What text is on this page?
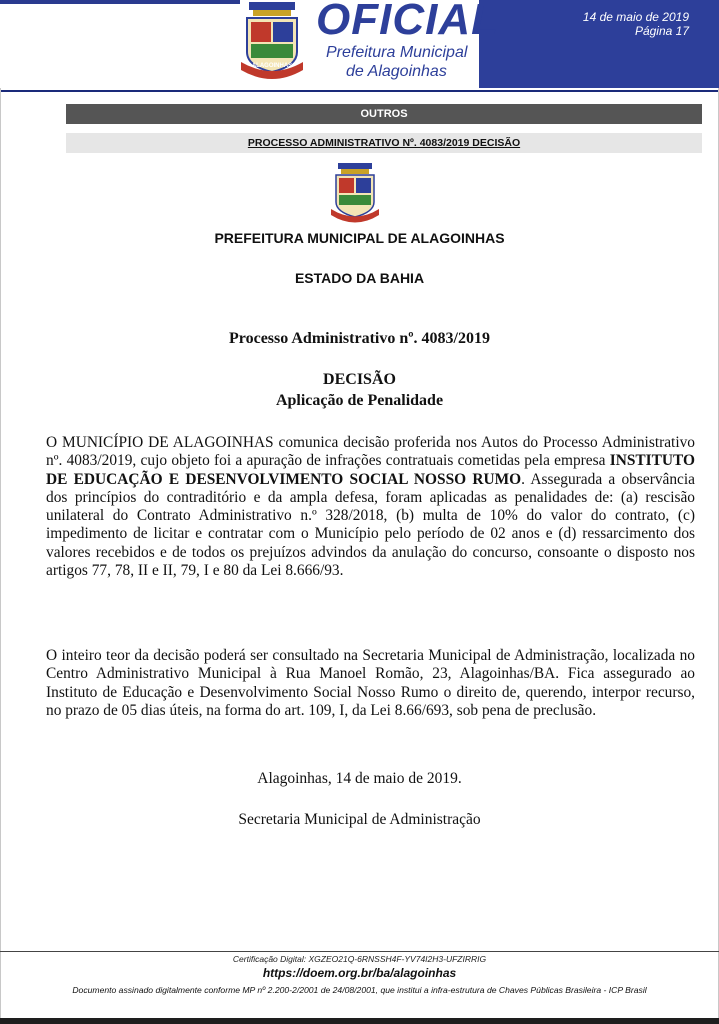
ALAGOINHAS
OFICIAL
Prefeitura Municipal
de Alagoinhas
14 de maio de 2019
Página 17
OUTROS
PROCESSO ADMINISTRATIVO Nº. 4083/2019 DECISÃO
PREFEITURA MUNICIPAL DE ALAGOINHAS
ESTADO DA BAHIA
Processo Administrativo nº. 4083/2019
DECISÃO
Aplicação de Penalidade
O MUNICÍPIO DE ALAGOINHAS comunica decisão proferida nos Autos do Processo Administrativo nº. 4083/2019, cujo objeto foi a apuração de infrações contratuais cometidas pela empresa INSTITUTO DE EDUCAÇÃO E DESENVOLVIMENTO SOCIAL NOSSO RUMO. Assegurada a observância dos princípios do contraditório e da ampla defesa, foram aplicadas as penalidades de: (a) rescisão unilateral do Contrato Administrativo n.º 328/2018, (b) multa de 10% do valor do contrato, (c) impedimento de licitar e contratar com o Município pelo período de 02 anos e (d) ressarcimento dos valores recebidos e de todos os prejuízos advindos da anulação do concurso, consoante o disposto nos artigos 77, 78, II e II, 79, I e 80 da Lei 8.666/93.
O inteiro teor da decisão poderá ser consultado na Secretaria Municipal de Administração, localizada no Centro Administrativo Municipal à Rua Manoel Romão, 23, Alagoinhas/BA. Fica assegurado ao Instituto de Educação e Desenvolvimento Social Nosso Rumo o direito de, querendo, interpor recurso, no prazo de 05 dias úteis, na forma do art. 109, I, da Lei 8.66/693, sob pena de preclusão.
Alagoinhas, 14 de maio de 2019.
Secretaria Municipal de Administração
Certificação Digital: XGZEO21Q-6RNSSH4F-YV74I2H3-UFZIRRIG
https://doem.org.br/ba/alagoinhas
Documento assinado digitalmente conforme MP nº 2.200-2/2001 de 24/08/2001, que institui a infra-estrutura de Chaves Públicas Brasileira - ICP Brasil
